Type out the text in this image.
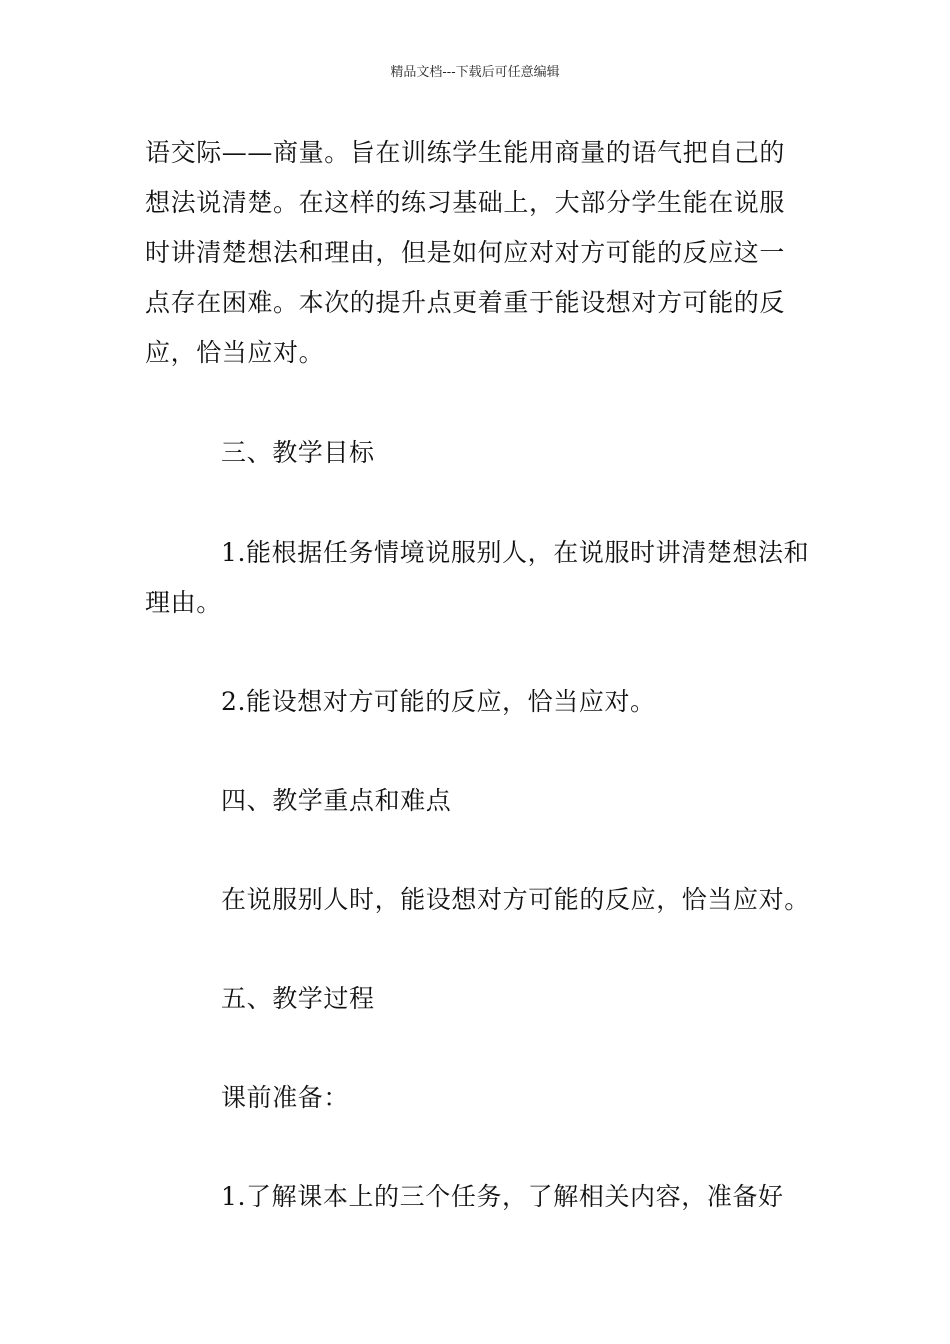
精品文档---下载后可任意编辑

语交际——商量。旨在训练学生能用商量的语气把自己的想法说清楚。在这样的练习基础上，大部分学生能在说服时讲清楚想法和理由，但是如何应对对方可能的反应这一点存在困难。本次的提升点更着重于能设想对方可能的反应，恰当应对。

三、教学目标

1.能根据任务情境说服别人，在说服时讲清楚想法和理由。

2.能设想对方可能的反应，恰当应对。

四、教学重点和难点

在说服别人时，能设想对方可能的反应，恰当应对。

五、教学过程

课前准备：

1.了解课本上的三个任务，了解相关内容，准备好
